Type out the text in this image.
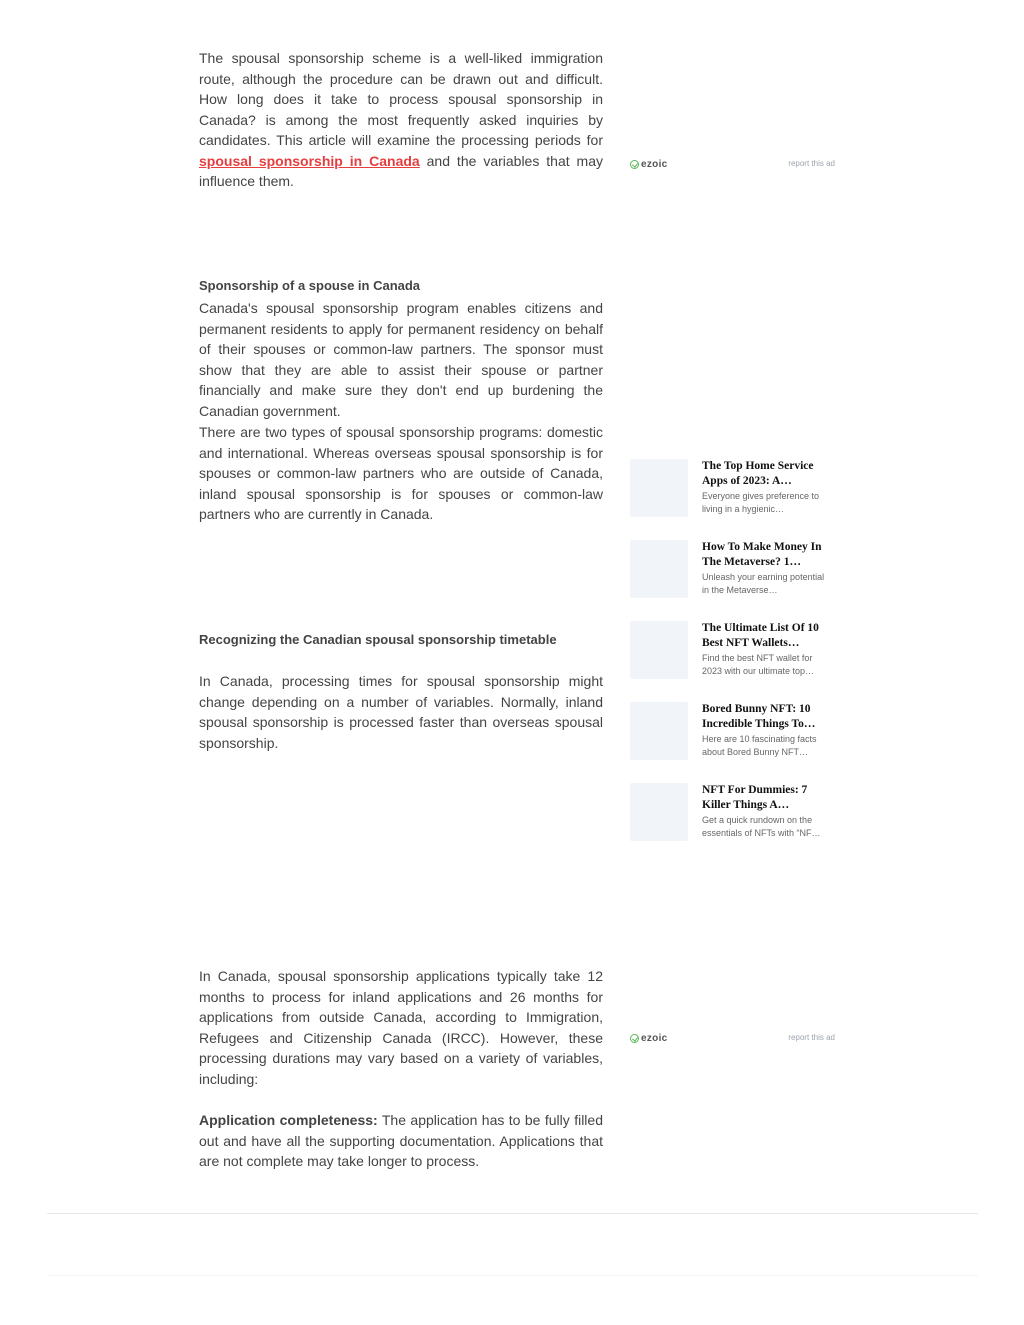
The spousal sponsorship scheme is a well-liked immigration route, although the procedure can be drawn out and difficult. How long does it take to process spousal sponsorship in Canada? is among the most frequently asked inquiries by candidates. This article will examine the processing periods for spousal sponsorship in Canada and the variables that may influence them.

ezoic	report this ad
Sponsorship of a spouse in Canada

Canada's spousal sponsorship program enables citizens and permanent residents to apply for permanent residency on behalf of their spouses or common-law partners. The sponsor must show that they are able to assist their spouse or partner financially and make sure they don't end up burdening the Canadian government.

There are two types of spousal sponsorship programs: domestic and international. Whereas overseas spousal sponsorship is for spouses or common-law partners who are outside of Canada, inland spousal sponsorship is for spouses or common-law partners who are currently in Canada.

The Top Home Service Apps of 2023: A…
Everyone gives preference to living in a hygienic…
How To Make Money In The Metaverse? 1…
Unleash your earning potential in the Metaverse…
The Ultimate List Of 10 Best NFT Wallets…
Find the best NFT wallet for 2023 with our ultimate top…
Bored Bunny NFT: 10 Incredible Things To…
Here are 10 fascinating facts about Bored Bunny NFT…
NFT For Dummies: 7 Killer Things A…
Get a quick rundown on the essentials of NFTs with “NF…
Recognizing the Canadian spousal sponsorship timetable

In Canada, processing times for spousal sponsorship might change depending on a number of variables. Normally, inland spousal sponsorship is processed faster than overseas spousal sponsorship.

In Canada, spousal sponsorship applications typically take 12 months to process for inland applications and 26 months for applications from outside Canada, according to Immigration, Refugees and Citizenship Canada (IRCC). However, these processing durations may vary based on a variety of variables, including:

ezoic	report this ad

Application completeness: The application has to be fully filled out and have all the supporting documentation. Applications that are not complete may take longer to process.
